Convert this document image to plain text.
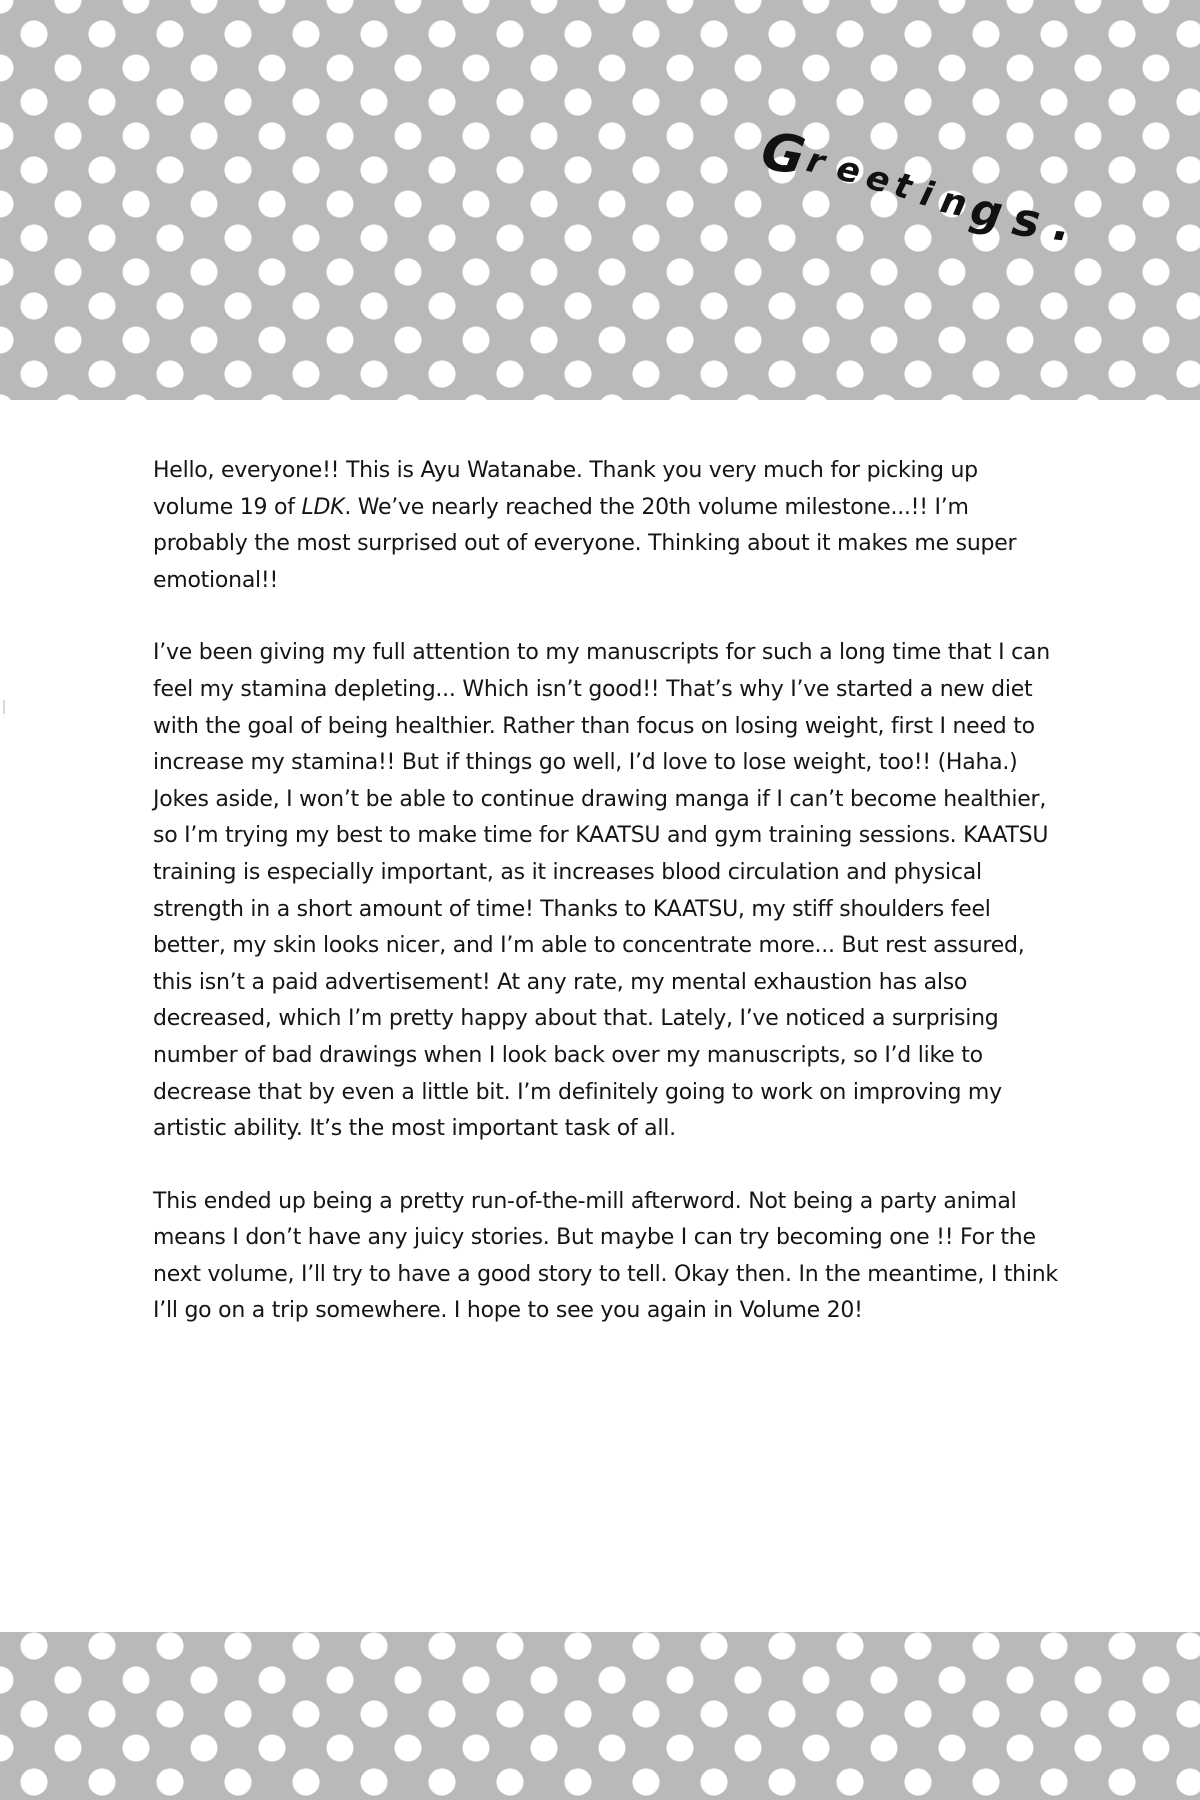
G
r e
e
t i n
g s .

Hello, everyone!! This is Ayu Watanabe. Thank you very much for picking up volume 19 of LDK. We’ve nearly reached the 20th volume milestone...!! I’m probably the most surprised out of everyone. Thinking about it makes me super emotional!!

I’ve been giving my full attention to my manuscripts for such a long time that I can feel my stamina depleting... Which isn’t good!! That’s why I’ve started a new diet with the goal of being healthier. Rather than focus on losing weight, first I need to increase my stamina!! But if things go well, I’d love to lose weight, too!! (Haha.) Jokes aside, I won’t be able to continue drawing manga if I can’t become healthier, so I’m trying my best to make time for KAATSU and gym training sessions. KAATSU training is especially important, as it increases blood circulation and physical strength in a short amount of time! Thanks to KAATSU, my stiff shoulders feel better, my skin looks nicer, and I’m able to concentrate more... But rest assured, this isn’t a paid advertisement! At any rate, my mental exhaustion has also decreased, which I’m pretty happy about that. Lately, I’ve noticed a surprising number of bad drawings when I look back over my manuscripts, so I’d like to decrease that by even a little bit. I’m definitely going to work on improving my artistic ability. It’s the most important task of all.

This ended up being a pretty run-of-the-mill afterword. Not being a party animal means I don’t have any juicy stories. But maybe I can try becoming one !! For the next volume, I’ll try to have a good story to tell. Okay then. In the meantime, I think I’ll go on a trip somewhere. I hope to see you again in Volume 20!
